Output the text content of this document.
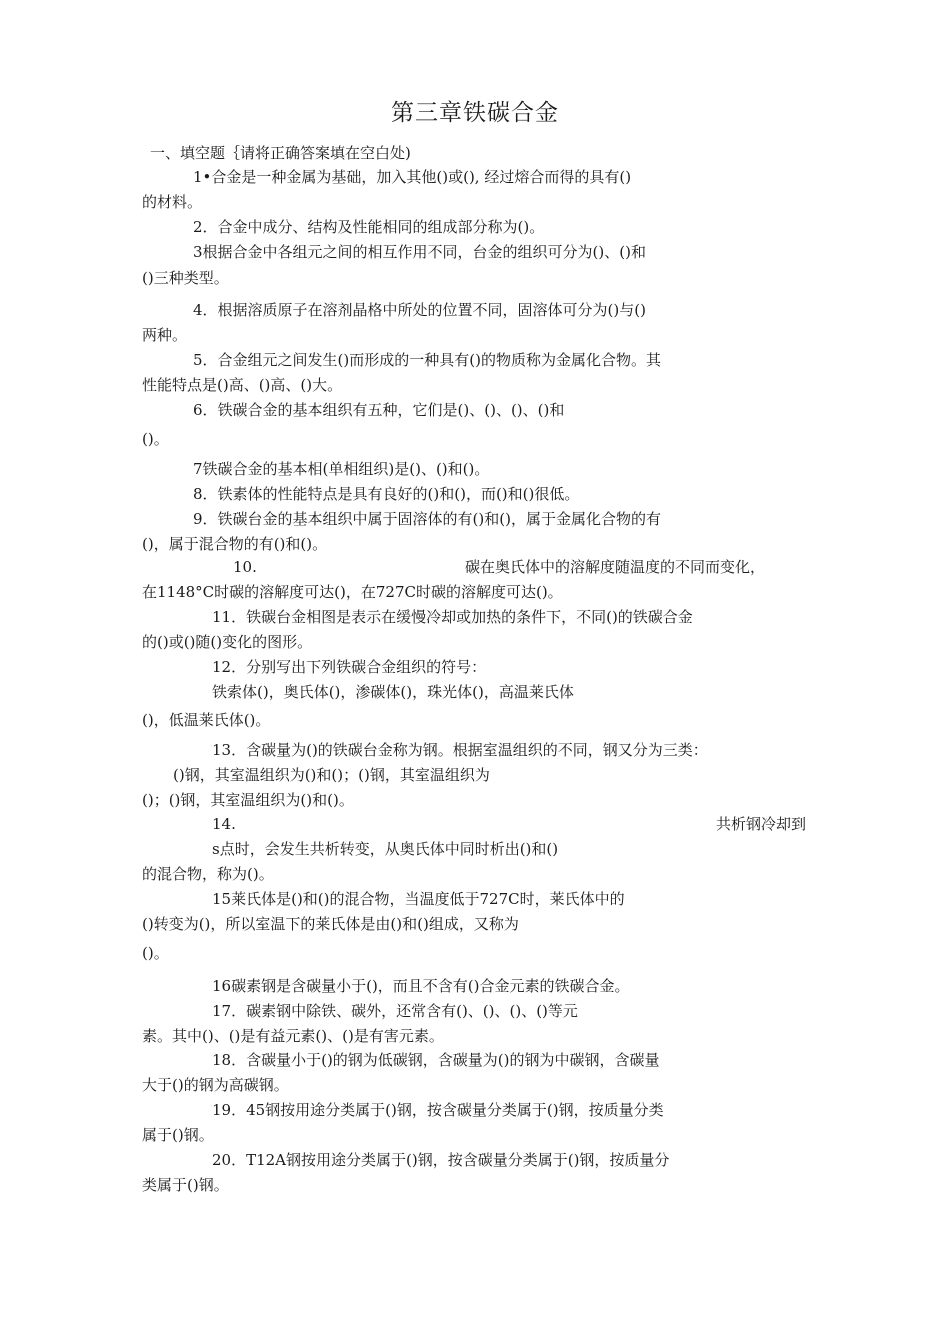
第三章铁碳合金
一、填空题｛请将正确答案填在空白处)
1•合金是一种金属为基础，加入其他()或(), 经过熔合而得的具有()
的材料。
2．合金中成分、结构及性能相同的组成部分称为()。
3根据合金中各组元之间的相互作用不同，台金的组织可分为()、()和
()三种类型。
4．根据溶质原子在溶剂晶格中所处的位置不同，固溶体可分为()与()
两种。
5．合金组元之间发生()而形成的一种具有()的物质称为金属化合物。其
性能特点是()高、()高、()大。
6．铁碳合金的基本组织有五种，它们是()、()、()、()和
()。
7铁碳合金的基本相(单相组织)是()、()和()。
8．铁素体的性能特点是具有良好的()和()，而()和()很低。
9．铁碳台金的基本组织中属于固溶体的有()和()，属于金属化合物的有
()，属于混合物的有()和()。
10.	碳在奥氏体中的溶解度随温度的不同而变化，
在1148°C时碳的溶解度可达()，在727C时碳的溶解度可达()。
11．铁碳台金相图是表示在缓慢冷却或加热的条件下，不同()的铁碳合金
的()或()随()变化的图形。
12．分别写出下列铁碳合金组织的符号：
铁索体()，奥氏体()，渗碳体()，珠光体()，高温莱氏体
()，低温莱氏体()。
13．含碳量为()的铁碳台金称为钢。根据室温组织的不同，钢又分为三类：
()钢，其室温组织为()和()；()钢，其室温组织为
()；()钢，其室温组织为()和()。
14.	共析钢冷却到
s点时，会发生共析转变，从奥氏体中同时析出()和()
的混合物，称为()。
15莱氏体是()和()的混合物，当温度低于727C时，莱氏体中的
()转变为()，所以室温下的莱氏体是由()和()组成，又称为
()。
16碳素钢是含碳量小于()，而且不含有()合金元素的铁碳合金。
17．碳素钢中除铁、碳外，还常含有()、()、()、()等元
素。其中()、()是有益元素()、()是有害元素。
18．含碳量小于()的钢为低碳钢，含碳量为()的钢为中碳钢，含碳量
大于()的钢为高碳钢。
19．45钢按用途分类属于()钢，按含碳量分类属于()钢，按质量分类
属于()钢。
20．T12A钢按用途分类属于()钢，按含碳量分类属于()钢，按质量分
类属于()钢。
